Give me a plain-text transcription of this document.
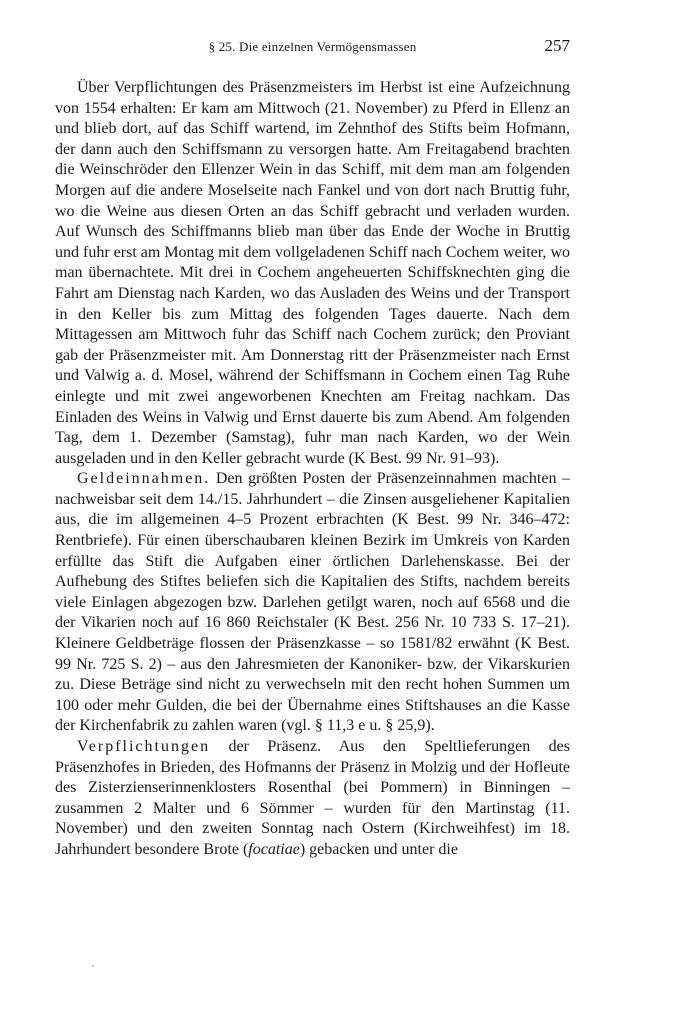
§ 25. Die einzelnen Vermögensmassen	257

Über Verpflichtungen des Präsenzmeisters im Herbst ist eine Aufzeichnung von 1554 erhalten: Er kam am Mittwoch (21. November) zu Pferd in Ellenz an und blieb dort, auf das Schiff wartend, im Zehnthof des Stifts beim Hofmann, der dann auch den Schiffsmann zu versorgen hatte. Am Freitagabend brachten die Weinschröder den Ellenzer Wein in das Schiff, mit dem man am folgenden Morgen auf die andere Moselseite nach Fankel und von dort nach Bruttig fuhr, wo die Weine aus diesen Orten an das Schiff gebracht und verladen wurden. Auf Wunsch des Schiffmanns blieb man über das Ende der Woche in Bruttig und fuhr erst am Montag mit dem vollgeladenen Schiff nach Cochem weiter, wo man übernachtete. Mit drei in Cochem angeheuerten Schiffsknechten ging die Fahrt am Dienstag nach Karden, wo das Ausladen des Weins und der Transport in den Keller bis zum Mittag des folgenden Tages dauerte. Nach dem Mittagessen am Mittwoch fuhr das Schiff nach Cochem zurück; den Proviant gab der Präsenzmeister mit. Am Donnerstag ritt der Präsenzmeister nach Ernst und Valwig a. d. Mosel, während der Schiffsmann in Cochem einen Tag Ruhe einlegte und mit zwei angeworbenen Knechten am Freitag nachkam. Das Einladen des Weins in Valwig und Ernst dauerte bis zum Abend. Am folgenden Tag, dem 1. Dezember (Samstag), fuhr man nach Karden, wo der Wein ausgeladen und in den Keller gebracht wurde (K Best. 99 Nr. 91–93).

Geldeinnahmen. Den größten Posten der Präsenzeinnahmen machten – nachweisbar seit dem 14./15. Jahrhundert – die Zinsen ausgeliehener Kapitalien aus, die im allgemeinen 4–5 Prozent erbrachten (K Best. 99 Nr. 346–472: Rentbriefe). Für einen überschaubaren kleinen Bezirk im Umkreis von Karden erfüllte das Stift die Aufgaben einer örtlichen Darlehenskasse. Bei der Aufhebung des Stiftes beliefen sich die Kapitalien des Stifts, nachdem bereits viele Einlagen abgezogen bzw. Darlehen getilgt waren, noch auf 6568 und die der Vikarien noch auf 16 860 Reichstaler (K Best. 256 Nr. 10 733 S. 17–21). Kleinere Geldbeträge flossen der Präsenzkasse – so 1581/82 erwähnt (K Best. 99 Nr. 725 S. 2) – aus den Jahresmieten der Kanoniker- bzw. der Vikarskurien zu. Diese Beträge sind nicht zu verwechseln mit den recht hohen Summen um 100 oder mehr Gulden, die bei der Übernahme eines Stiftshauses an die Kasse der Kirchenfabrik zu zahlen waren (vgl. § 11,3 e u. § 25,9).

Verpflichtungen der Präsenz. Aus den Speltlieferungen des Präsenzhofes in Brieden, des Hofmanns der Präsenz in Molzig und der Hofleute des Zisterzienserinnenklosters Rosenthal (bei Pommern) in Binningen – zusammen 2 Malter und 6 Sömmer – wurden für den Martinstag (11. November) und den zweiten Sonntag nach Ostern (Kirchweihfest) im 18. Jahrhundert besondere Brote (focatiae) gebacken und unter die
